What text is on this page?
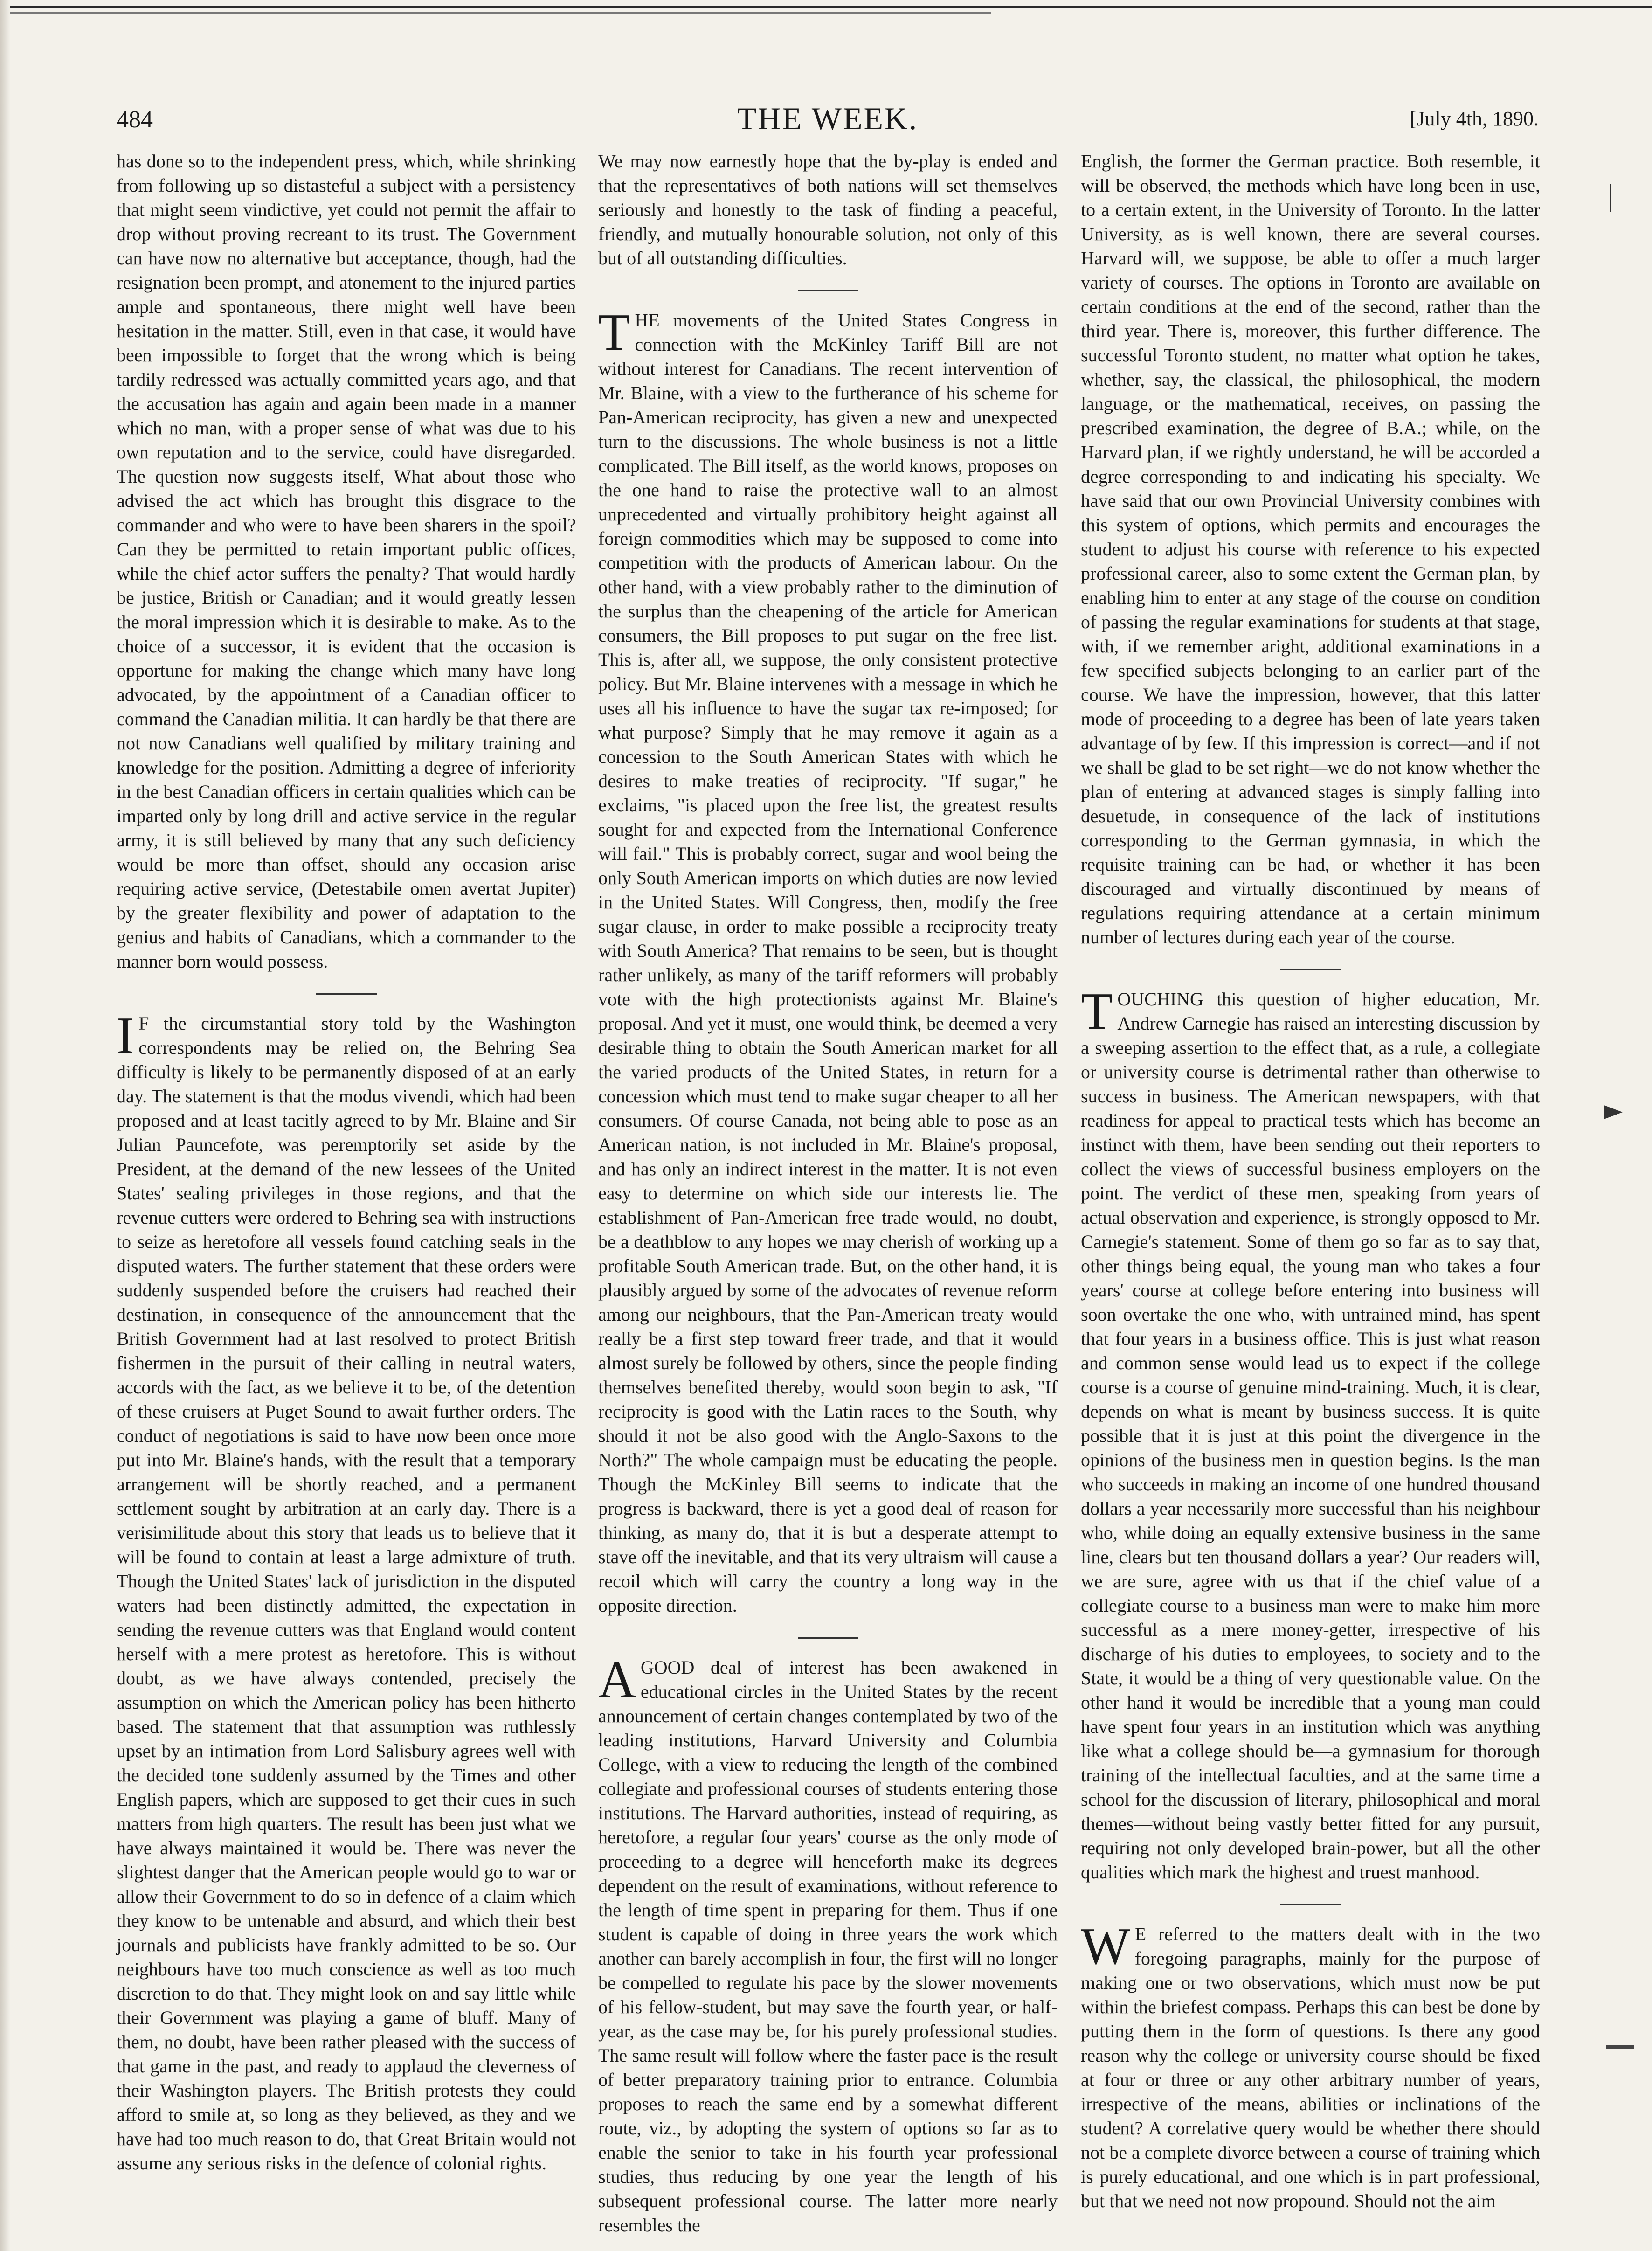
484	THE WEEK.	[July 4th, 1890.

has done so to the independent press, which, while shrinking from following up so distasteful a subject with a persistency that might seem vindictive, yet could not permit the affair to drop without proving recreant to its trust. The Government can have now no alternative but acceptance, though, had the resignation been prompt, and atonement to the injured parties ample and spontaneous, there might well have been hesitation in the matter. Still, even in that case, it would have been impossible to forget that the wrong which is being tardily redressed was actually committed years ago, and that the accusation has again and again been made in a manner which no man, with a proper sense of what was due to his own reputation and to the service, could have disregarded. The question now suggests itself, What about those who advised the act which has brought this disgrace to the commander and who were to have been sharers in the spoil? Can they be permitted to retain important public offices, while the chief actor suffers the penalty? That would hardly be justice, British or Canadian; and it would greatly lessen the moral impression which it is desirable to make. As to the choice of a successor, it is evident that the occasion is opportune for making the change which many have long advocated, by the appointment of a Canadian officer to command the Canadian militia. It can hardly be that there are not now Canadians well qualified by military training and knowledge for the position. Admitting a degree of inferiority in the best Canadian officers in certain qualities which can be imparted only by long drill and active service in the regular army, it is still believed by many that any such deficiency would be more than offset, should any occasion arise requiring active service, (Detestabile omen avertat Jupiter) by the greater flexibility and power of adaptation to the genius and habits of Canadians, which a commander to the manner born would possess.

I F the circumstantial story told by the Washington correspondents may be relied on, the Behring Sea difficulty is likely to be permanently disposed of at an early day. The statement is that the modus vivendi, which had been proposed and at least tacitly agreed to by Mr. Blaine and Sir Julian Pauncefote, was peremptorily set aside by the President, at the demand of the new lessees of the United States' sealing privileges in those regions, and that the revenue cutters were ordered to Behring sea with instructions to seize as heretofore all vessels found catching seals in the disputed waters. The further statement that these orders were suddenly suspended before the cruisers had reached their destination, in consequence of the announcement that the British Government had at last resolved to protect British fishermen in the pursuit of their calling in neutral waters, accords with the fact, as we believe it to be, of the detention of these cruisers at Puget Sound to await further orders. The conduct of negotiations is said to have now been once more put into Mr. Blaine's hands, with the result that a temporary arrangement will be shortly reached, and a permanent settlement sought by arbitration at an early day. There is a verisimilitude about this story that leads us to believe that it will be found to contain at least a large admixture of truth. Though the United States' lack of jurisdiction in the disputed waters had been distinctly admitted, the expectation in sending the revenue cutters was that England would content herself with a mere protest as heretofore. This is without doubt, as we have always contended, precisely the assumption on which the American policy has been hitherto based. The statement that that assumption was ruthlessly upset by an intimation from Lord Salisbury agrees well with the decided tone suddenly assumed by the Times and other English papers, which are supposed to get their cues in such matters from high quarters. The result has been just what we have always maintained it would be. There was never the slightest danger that the American people would go to war or allow their Government to do so in defence of a claim which they know to be untenable and absurd, and which their best journals and publicists have frankly admitted to be so. Our neighbours have too much conscience as well as too much discretion to do that. They might look on and say little while their Government was playing a game of bluff. Many of them, no doubt, have been rather pleased with the success of that game in the past, and ready to applaud the cleverness of their Washington players. The British protests they could afford to smile at, so long as they believed, as they and we have had too much reason to do, that Great Britain would not assume any serious risks in the defence of colonial rights.

We may now earnestly hope that the by-play is ended and that the representatives of both nations will set themselves seriously and honestly to the task of finding a peaceful, friendly, and mutually honourable solution, not only of this but of all outstanding difficulties.

THE movements of the United States Congress in connection with the McKinley Tariff Bill are not without interest for Canadians. The recent intervention of Mr. Blaine, with a view to the furtherance of his scheme for Pan-American reciprocity, has given a new and unexpected turn to the discussions. The whole business is not a little complicated. The Bill itself, as the world knows, proposes on the one hand to raise the protective wall to an almost unprecedented and virtually prohibitory height against all foreign commodities which may be supposed to come into competition with the products of American labour. On the other hand, with a view probably rather to the diminution of the surplus than the cheapening of the article for American consumers, the Bill proposes to put sugar on the free list. This is, after all, we suppose, the only consistent protective policy. But Mr. Blaine intervenes with a message in which he uses all his influence to have the sugar tax re-imposed; for what purpose? Simply that he may remove it again as a concession to the South American States with which he desires to make treaties of reciprocity. "If sugar," he exclaims, "is placed upon the free list, the greatest results sought for and expected from the International Conference will fail." This is probably correct, sugar and wool being the only South American imports on which duties are now levied in the United States. Will Congress, then, modify the free sugar clause, in order to make possible a reciprocity treaty with South America? That remains to be seen, but is thought rather unlikely, as many of the tariff reformers will probably vote with the high protectionists against Mr. Blaine's proposal. And yet it must, one would think, be deemed a very desirable thing to obtain the South American market for all the varied products of the United States, in return for a concession which must tend to make sugar cheaper to all her consumers. Of course Canada, not being able to pose as an American nation, is not included in Mr. Blaine's proposal, and has only an indirect interest in the matter. It is not even easy to determine on which side our interests lie. The establishment of Pan-American free trade would, no doubt, be a deathblow to any hopes we may cherish of working up a profitable South American trade. But, on the other hand, it is plausibly argued by some of the advocates of revenue reform among our neighbours, that the Pan-American treaty would really be a first step toward freer trade, and that it would almost surely be followed by others, since the people finding themselves benefited thereby, would soon begin to ask, "If reciprocity is good with the Latin races to the South, why should it not be also good with the Anglo-Saxons to the North?" The whole campaign must be educating the people. Though the McKinley Bill seems to indicate that the progress is backward, there is yet a good deal of reason for thinking, as many do, that it is but a desperate attempt to stave off the inevitable, and that its very ultraism will cause a recoil which will carry the country a long way in the opposite direction.

A GOOD deal of interest has been awakened in educational circles in the United States by the recent announcement of certain changes contemplated by two of the leading institutions, Harvard University and Columbia College, with a view to reducing the length of the combined collegiate and professional courses of students entering those institutions. The Harvard authorities, instead of requiring, as heretofore, a regular four years' course as the only mode of proceeding to a degree will henceforth make its degrees dependent on the result of examinations, without reference to the length of time spent in preparing for them. Thus if one student is capable of doing in three years the work which another can barely accomplish in four, the first will no longer be compelled to regulate his pace by the slower movements of his fellow-student, but may save the fourth year, or half-year, as the case may be, for his purely professional studies. The same result will follow where the faster pace is the result of better preparatory training prior to entrance. Columbia proposes to reach the same end by a somewhat different route, viz., by adopting the system of options so far as to enable the senior to take in his fourth year professional studies, thus reducing by one year the length of his subsequent professional course. The latter more nearly resembles the

English, the former the German practice. Both resemble, it will be observed, the methods which have long been in use, to a certain extent, in the University of Toronto. In the latter University, as is well known, there are several courses. Harvard will, we suppose, be able to offer a much larger variety of courses. The options in Toronto are available on certain conditions at the end of the second, rather than the third year. There is, moreover, this further difference. The successful Toronto student, no matter what option he takes, whether, say, the classical, the philosophical, the modern language, or the mathematical, receives, on passing the prescribed examination, the degree of B.A.; while, on the Harvard plan, if we rightly understand, he will be accorded a degree corresponding to and indicating his specialty. We have said that our own Provincial University combines with this system of options, which permits and encourages the student to adjust his course with reference to his expected professional career, also to some extent the German plan, by enabling him to enter at any stage of the course on condition of passing the regular examinations for students at that stage, with, if we remember aright, additional examinations in a few specified subjects belonging to an earlier part of the course. We have the impression, however, that this latter mode of proceeding to a degree has been of late years taken advantage of by few. If this impression is correct—and if not we shall be glad to be set right—we do not know whether the plan of entering at advanced stages is simply falling into desuetude, in consequence of the lack of institutions corresponding to the German gymnasia, in which the requisite training can be had, or whether it has been discouraged and virtually discontinued by means of regulations requiring attendance at a certain minimum number of lectures during each year of the course.

TOUCHING this question of higher education, Mr. Andrew Carnegie has raised an interesting discussion by a sweeping assertion to the effect that, as a rule, a collegiate or university course is detrimental rather than otherwise to success in business. The American newspapers, with that readiness for appeal to practical tests which has become an instinct with them, have been sending out their reporters to collect the views of successful business employers on the point. The verdict of these men, speaking from years of actual observation and experience, is strongly opposed to Mr. Carnegie's statement. Some of them go so far as to say that, other things being equal, the young man who takes a four years' course at college before entering into business will soon overtake the one who, with untrained mind, has spent that four years in a business office. This is just what reason and common sense would lead us to expect if the college course is a course of genuine mind-training. Much, it is clear, depends on what is meant by business success. It is quite possible that it is just at this point the divergence in the opinions of the business men in question begins. Is the man who succeeds in making an income of one hundred thousand dollars a year necessarily more successful than his neighbour who, while doing an equally extensive business in the same line, clears but ten thousand dollars a year? Our readers will, we are sure, agree with us that if the chief value of a collegiate course to a business man were to make him more successful as a mere money-getter, irrespective of his discharge of his duties to employees, to society and to the State, it would be a thing of very questionable value. On the other hand it would be incredible that a young man could have spent four years in an institution which was anything like what a college should be—a gymnasium for thorough training of the intellectual faculties, and at the same time a school for the discussion of literary, philosophical and moral themes—without being vastly better fitted for any pursuit, requiring not only developed brain-power, but all the other qualities which mark the highest and truest manhood.

W E referred to the matters dealt with in the two foregoing paragraphs, mainly for the purpose of making one or two observations, which must now be put within the briefest compass. Perhaps this can best be done by putting them in the form of questions. Is there any good reason why the college or university course should be fixed at four or three or any other arbitrary number of years, irrespective of the means, abilities or inclinations of the student? A correlative query would be whether there should not be a complete divorce between a course of training which is purely educational, and one which is in part professional, but that we need not now propound. Should not the aim
